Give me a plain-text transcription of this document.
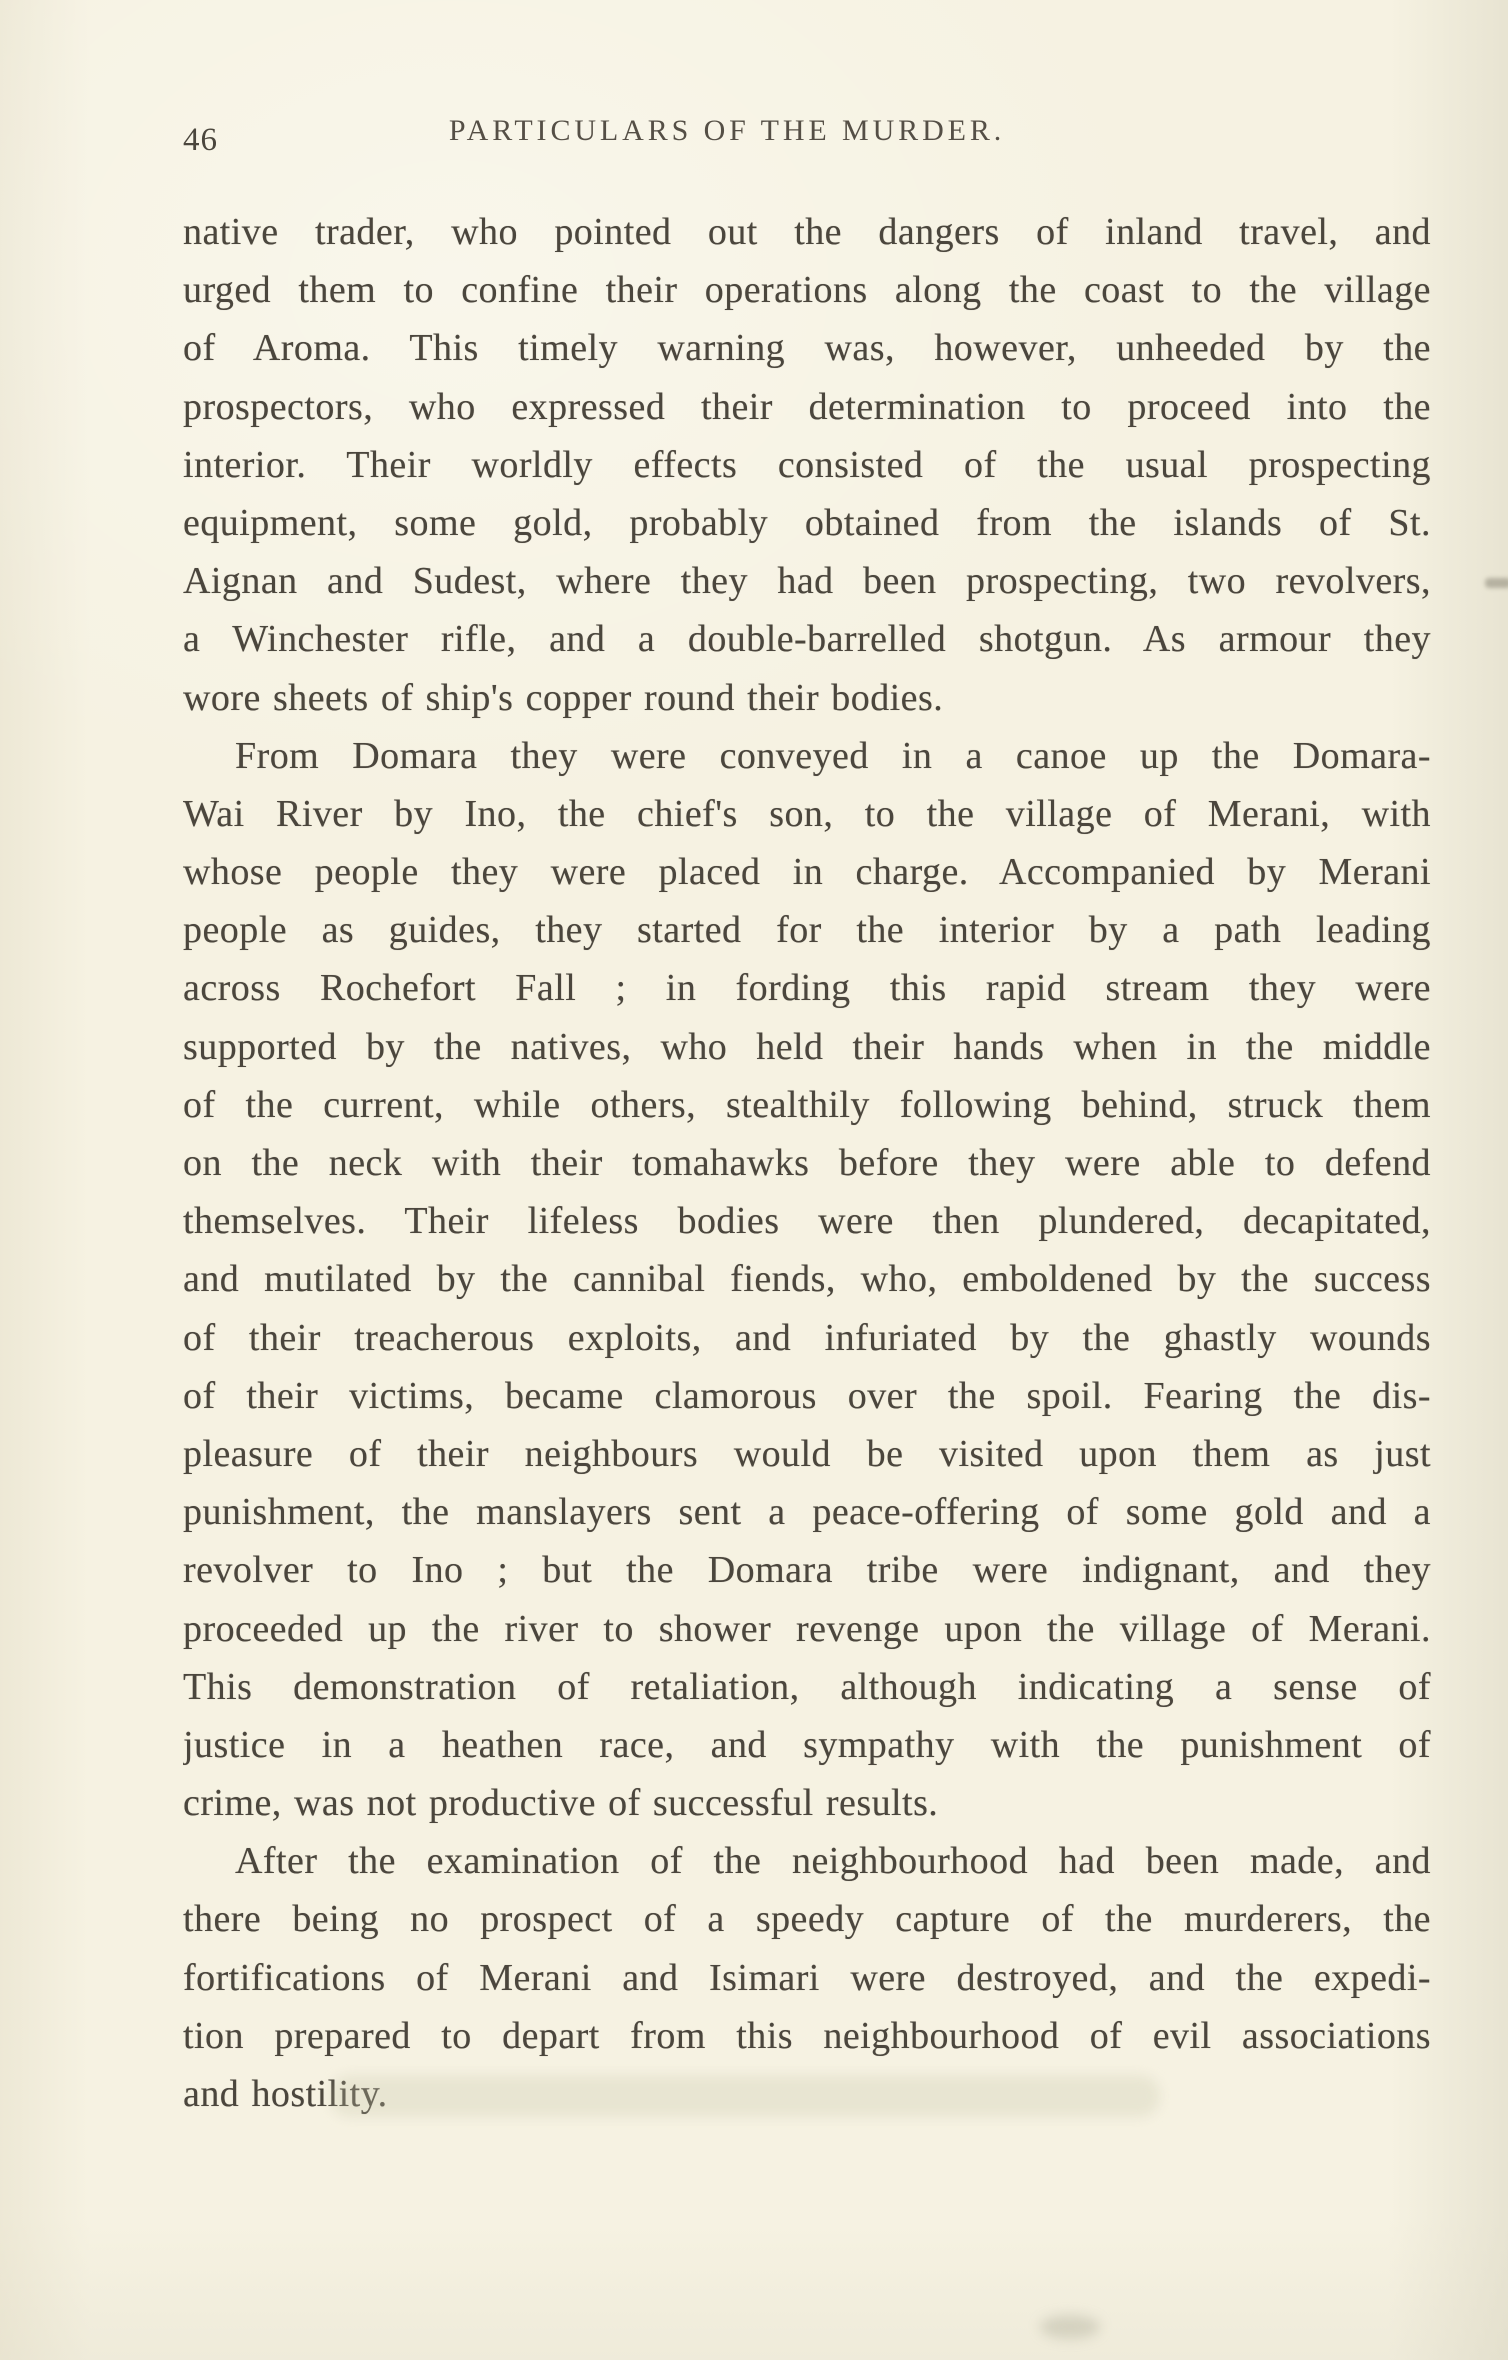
46	PARTICULARS OF THE MURDER.
native trader, who pointed out the dangers of inland travel, and
urged them to confine their operations along the coast to the village
of Aroma. This timely warning was, however, unheeded by the
prospectors, who expressed their determination to proceed into the
interior. Their worldly effects consisted of the usual prospecting
equipment, some gold, probably obtained from the islands of St.
Aignan and Sudest, where they had been prospecting, two revolvers,
a Winchester rifle, and a double-barrelled shotgun. As armour they
wore sheets of ship's copper round their bodies.
From Domara they were conveyed in a canoe up the Domara-
Wai River by Ino, the chief's son, to the village of Merani, with
whose people they were placed in charge. Accompanied by Merani
people as guides, they started for the interior by a path leading
across Rochefort Fall ; in fording this rapid stream they were
supported by the natives, who held their hands when in the middle
of the current, while others, stealthily following behind, struck them
on the neck with their tomahawks before they were able to defend
themselves. Their lifeless bodies were then plundered, decapitated,
and mutilated by the cannibal fiends, who, emboldened by the success
of their treacherous exploits, and infuriated by the ghastly wounds
of their victims, became clamorous over the spoil. Fearing the dis-
pleasure of their neighbours would be visited upon them as just
punishment, the manslayers sent a peace-offering of some gold and a
revolver to Ino ; but the Domara tribe were indignant, and they
proceeded up the river to shower revenge upon the village of Merani.
This demonstration of retaliation, although indicating a sense of
justice in a heathen race, and sympathy with the punishment of
crime, was not productive of successful results.
After the examination of the neighbourhood had been made, and
there being no prospect of a speedy capture of the murderers, the
fortifications of Merani and Isimari were destroyed, and the expedi-
tion prepared to depart from this neighbourhood of evil associations
and hostility.
